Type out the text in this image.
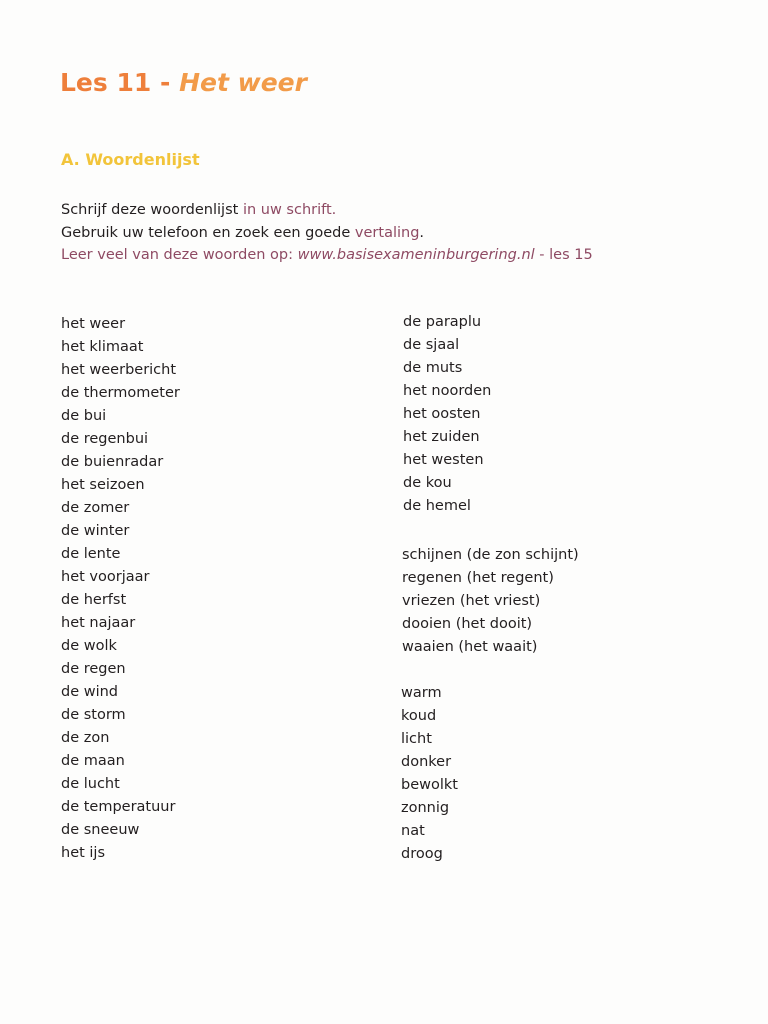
Les 11 - Het weer
A. Woordenlijst
Schrijf deze woordenlijst in uw schrift.
Gebruik uw telefoon en zoek een goede vertaling.
Leer veel van deze woorden op: www.basisexameninburgering.nl - les 15
het weer
het klimaat
het weerbericht
de thermometer
de bui
de regenbui
de buienradar
het seizoen
de zomer
de winter
de lente
het voorjaar
de herfst
het najaar
de wolk
de regen
de wind
de storm
de zon
de maan
de lucht
de temperatuur
de sneeuw
het ijs
de paraplu
de sjaal
de muts
het noorden
het oosten
het zuiden
het westen
de kou
de hemel
schijnen (de zon schijnt)
regenen (het regent)
vriezen (het vriest)
dooien (het dooit)
waaien (het waait)
warm
koud
licht
donker
bewolkt
zonnig
nat
droog
